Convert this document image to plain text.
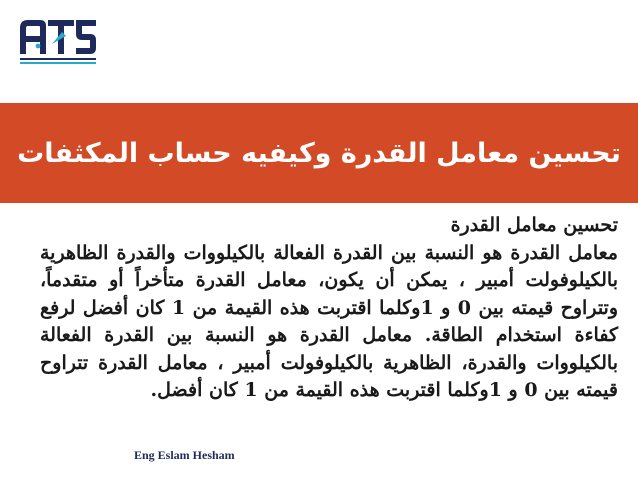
تحسين معامل القدرة وكيفيه حساب المكثفات

تحسين معامل القدرة

معامل القدرة هو النسبة بين القدرة الفعالة بالكيلووات والقدرة الظاهرية بالكيلوفولت أمبير ، يمكن أن يكون، معامل القدرة متأخراً أو متقدماً، وتتراوح قيمته بين 0 و 1وكلما اقتربت هذه القيمة من 1 كان أفضل لرفع كفاءة استخدام الطاقة. معامل القدرة هو النسبة بين القدرة الفعالة بالكيلووات والقدرة، الظاهرية بالكيلوفولت أمبير ، معامل القدرة تتراوح قيمته بين 0 و 1وكلما اقتربت هذه القيمة من 1 كان أفضل.

Eng Eslam Hesham
